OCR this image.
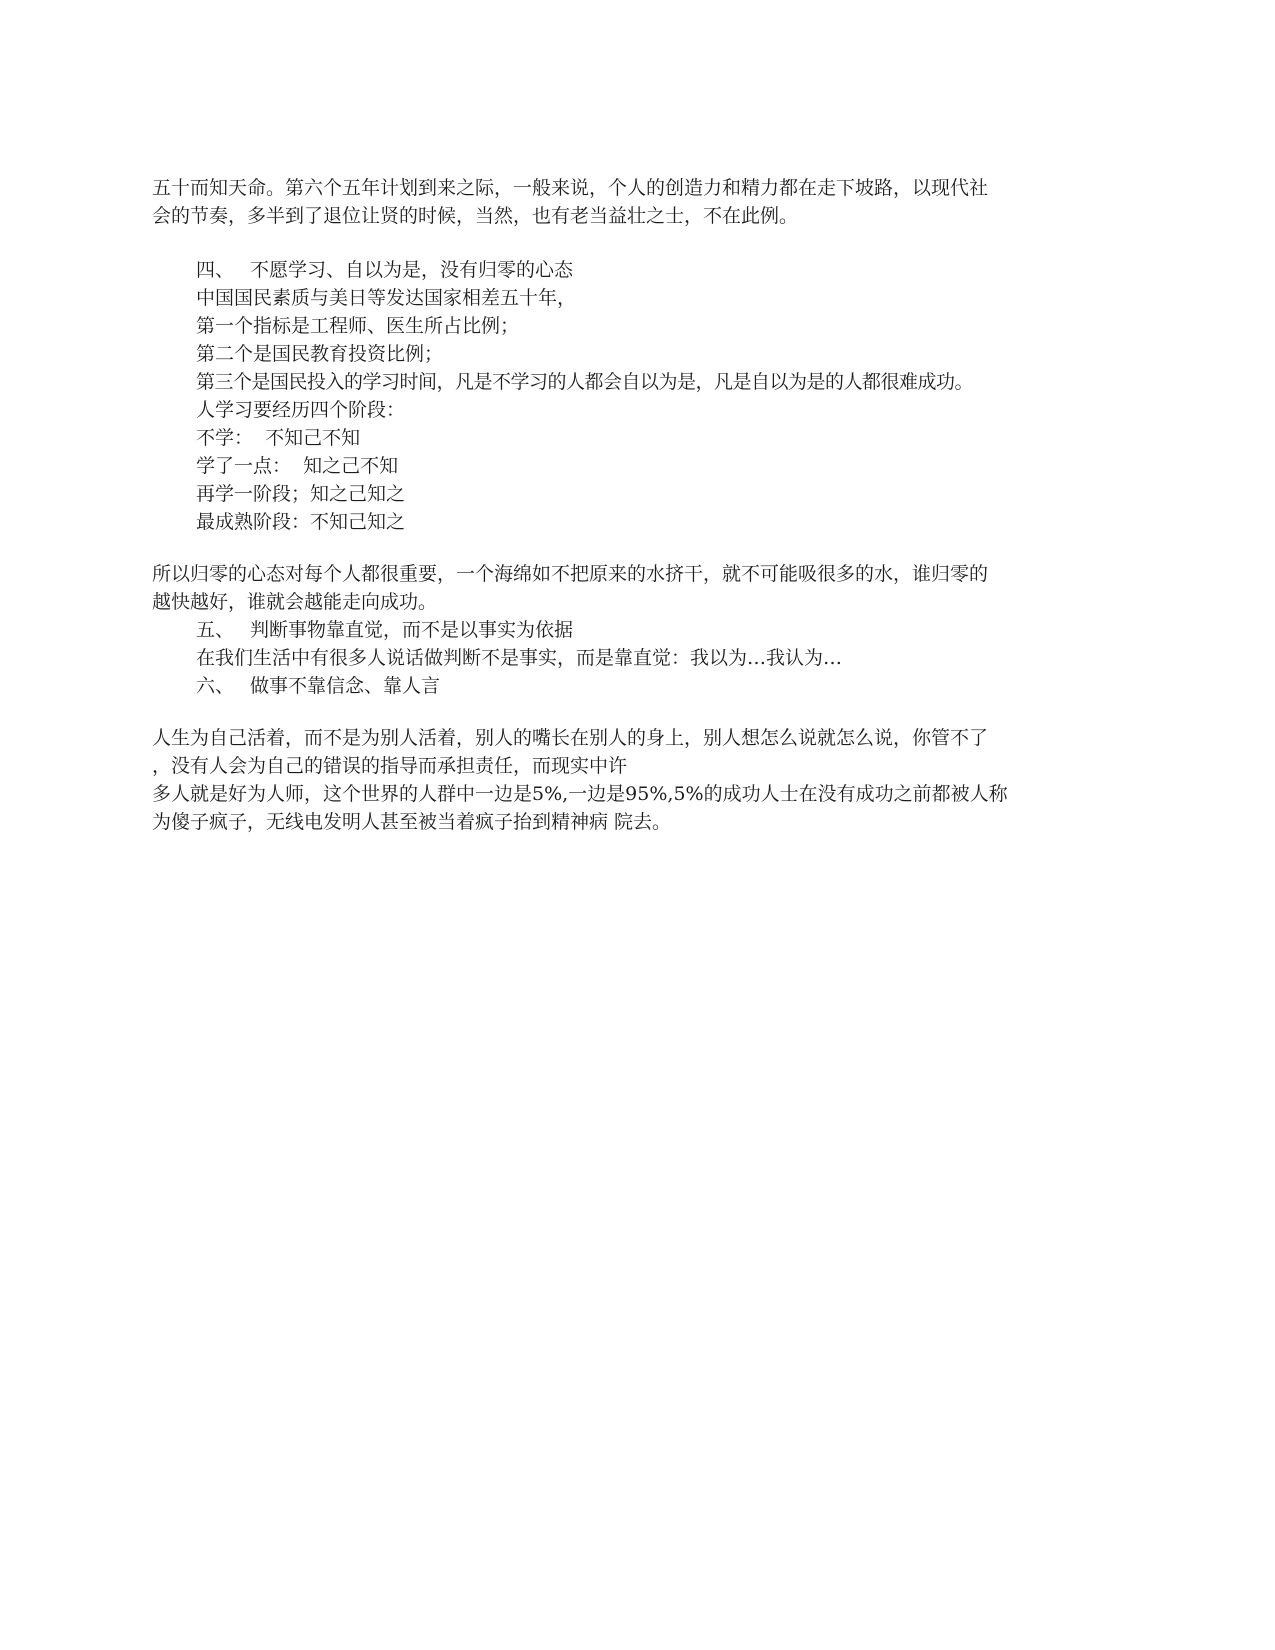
五十而知天命。第六个五年计划到来之际，一般来说，个人的创造力和精力都在走下坡路，以现代社
会的节奏，多半到了退位让贤的时候，当然，也有老当益壮之士，不在此例。
四、 不愿学习、自以为是，没有归零的心态
中国国民素质与美日等发达国家相差五十年，
第一个指标是工程师、医生所占比例；
第二个是国民教育投资比例；
第三个是国民投入的学习时间，凡是不学习的人都会自以为是，凡是自以为是的人都很难成功。
人学习要经历四个阶段：
不学：  不知己不知
学了一点：  知之己不知
再学一阶段；知之己知之
最成熟阶段：不知己知之
所以归零的心态对每个人都很重要，一个海绵如不把原来的水挤干，就不可能吸很多的水，谁归零的
越快越好，谁就会越能走向成功。
五、 判断事物靠直觉，而不是以事实为依据
在我们生活中有很多人说话做判断不是事实，而是靠直觉：我以为…我认为…
六、 做事不靠信念、靠人言
人生为自己活着，而不是为别人活着，别人的嘴长在别人的身上，别人想怎么说就怎么说，你管不了
，没有人会为自己的错误的指导而承担责任，而现实中许
多人就是好为人师，这个世界的人群中一边是5%,一边是95%,5%的成功人士在没有成功之前都被人称
为傻子疯子，无线电发明人甚至被当着疯子抬到精神病 院去。
